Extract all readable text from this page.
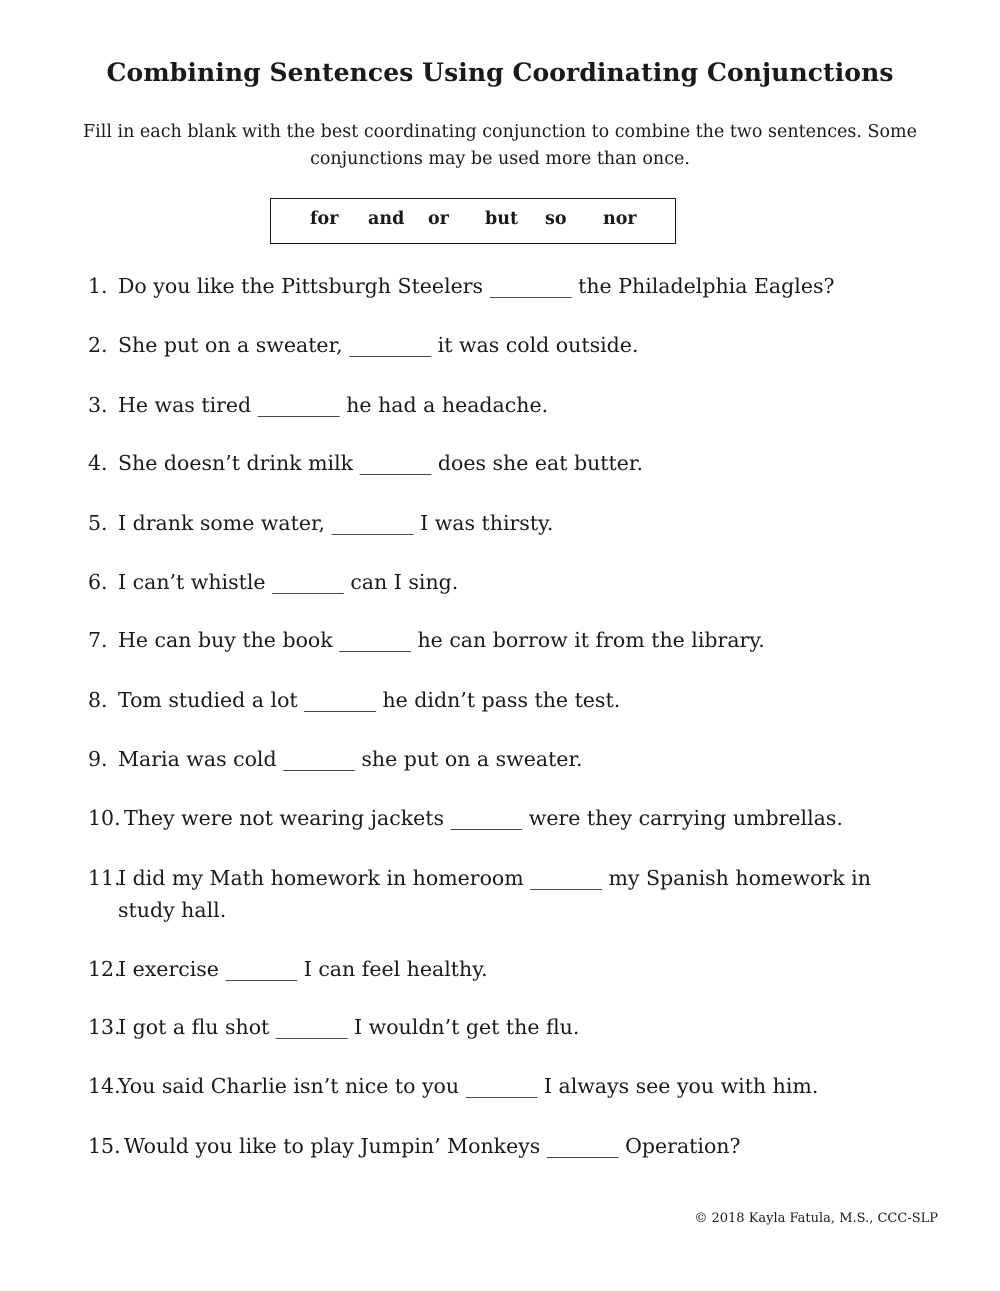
Combining Sentences Using Coordinating Conjunctions

Fill in each blank with the best coordinating conjunction to combine the two sentences. Some conjunctions may be used more than once.

for and or but so nor
1. Do you like the Pittsburgh Steelers ________ the Philadelphia Eagles?
2. She put on a sweater, ________ it was cold outside.
3. He was tired ________ he had a headache.
4. She doesn’t drink milk _______ does she eat butter.
5. I drank some water, ________ I was thirsty.
6. I can’t whistle _______ can I sing.
7. He can buy the book _______ he can borrow it from the library.
8. Tom studied a lot _______ he didn’t pass the test.
9. Maria was cold _______ she put on a sweater.
10. They were not wearing jackets _______ were they carrying umbrellas.
11.I did my Math homework in homeroom _______ my Spanish homework in study hall.
12.I exercise _______ I can feel healthy.
13.I got a flu shot _______ I wouldn’t get the flu.
14.You said Charlie isn’t nice to you _______ I always see you with him.
15. Would you like to play Jumpin’ Monkeys _______ Operation?
© 2018 Kayla Fatula, M.S., CCC-SLP
